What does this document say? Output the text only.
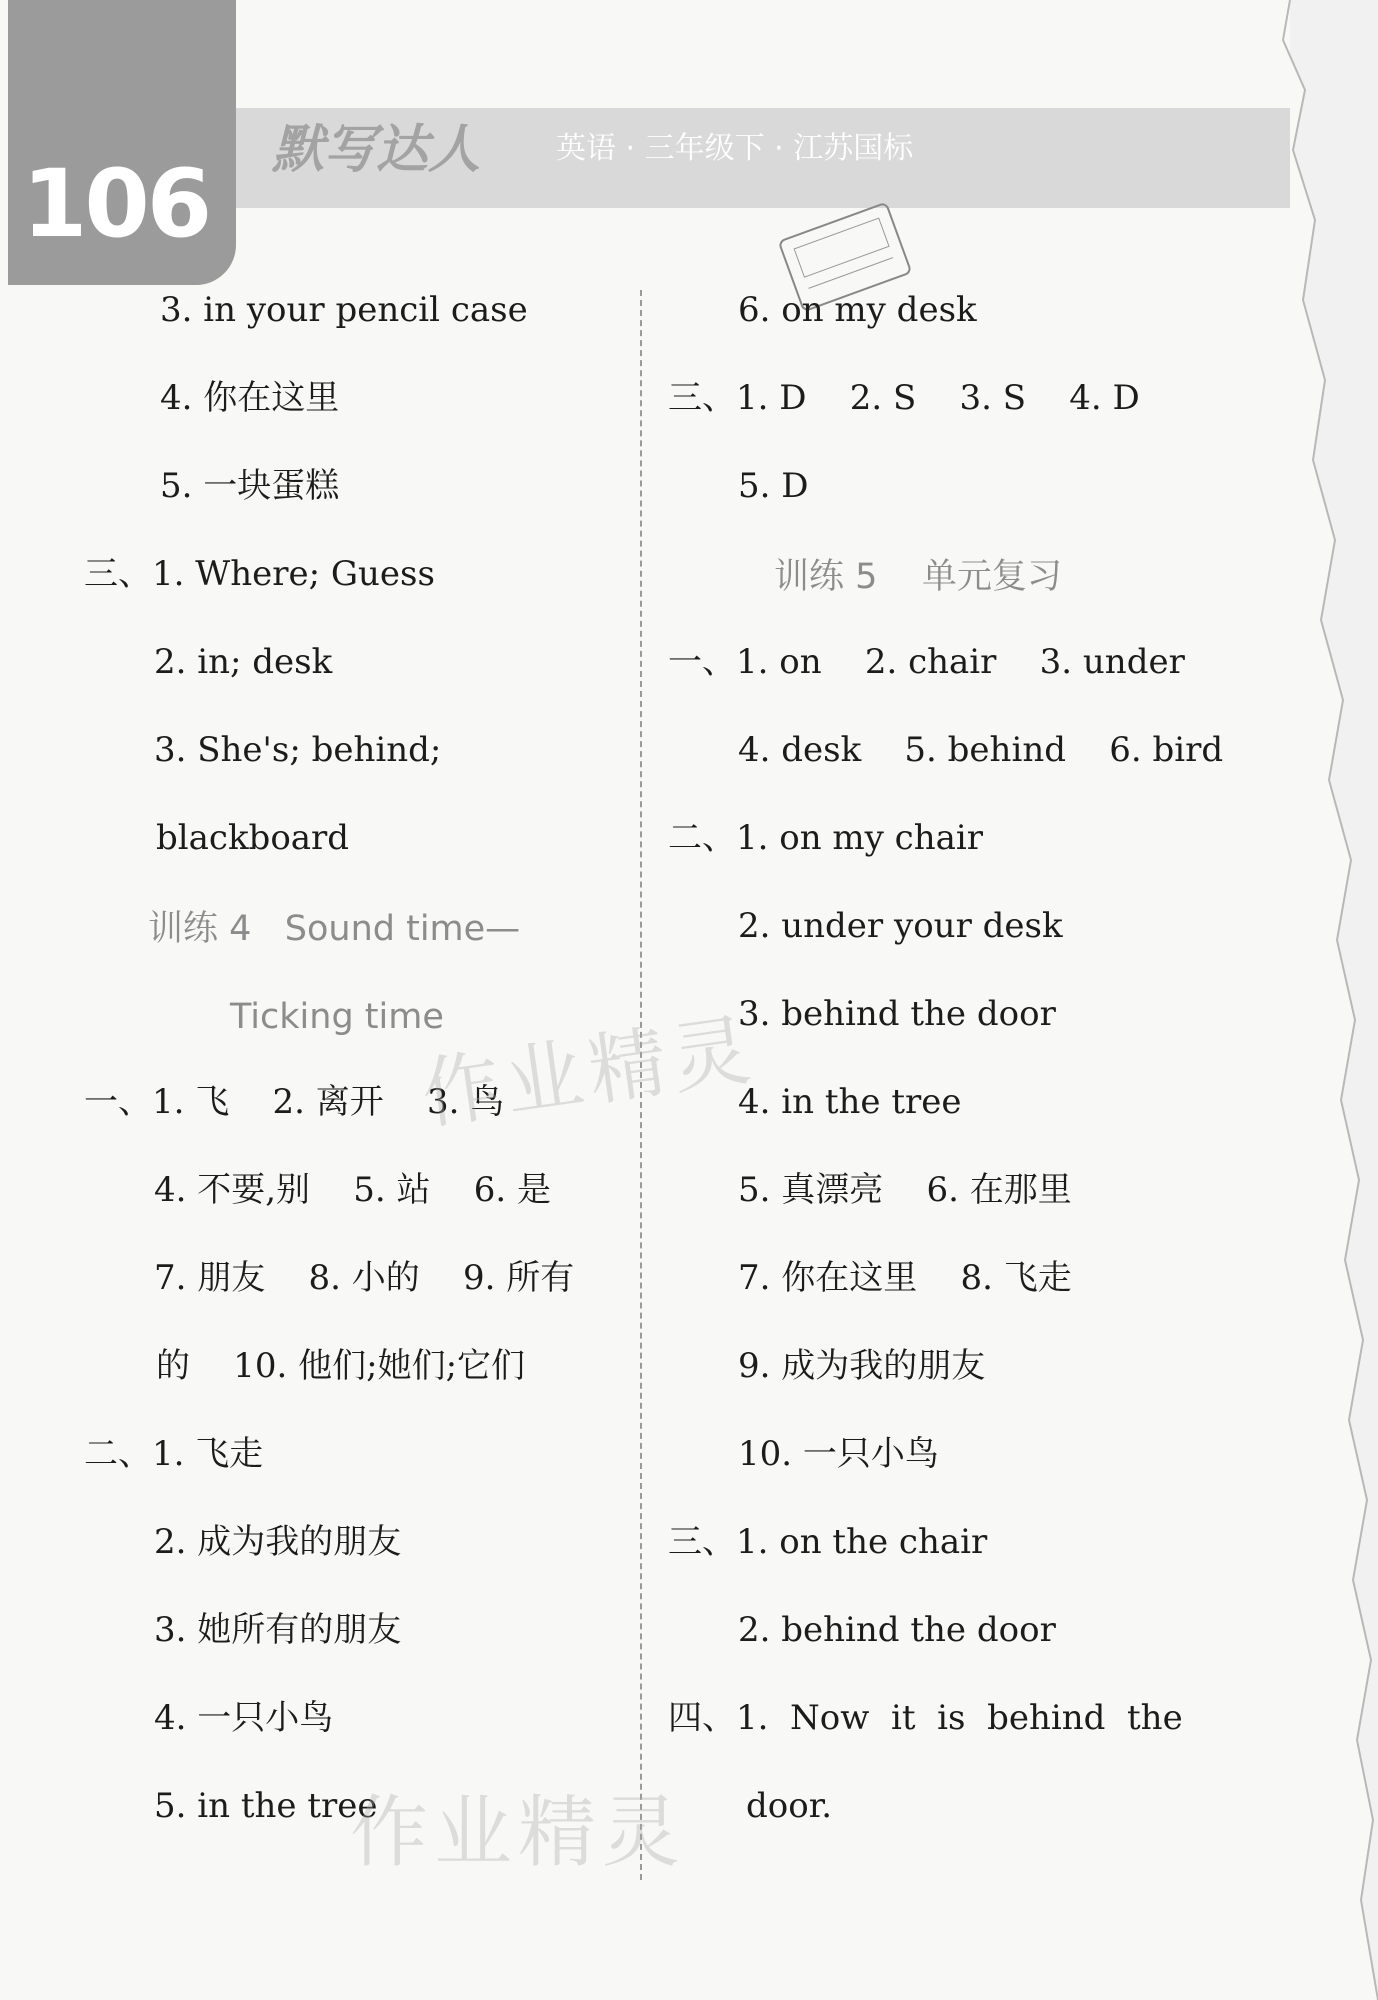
106 默写达人	英语 · 三年级下 · 江苏国标
3. in your pencil case
4. 你在这里
5. 一块蛋糕
三、1. Where; Guess
2. in; desk
3. She's; behind;
blackboard
训练 4   Sound time—
Ticking time
一、1. 飞    2. 离开    3. 鸟
4. 不要,别    5. 站    6. 是
7. 朋友    8. 小的    9. 所有
的    10. 他们;她们;它们
二、1. 飞走
2. 成为我的朋友
3. 她所有的朋友
4. 一只小鸟
5. in the tree
6. on my desk
三、1. D    2. S    3. S    4. D
5. D
训练 5    单元复习
一、1. on    2. chair    3. under
4. desk    5. behind    6. bird
二、1. on my chair
2. under your desk
3. behind the door
4. in the tree
5. 真漂亮    6. 在那里
7. 你在这里    8. 飞走
9. 成为我的朋友
10. 一只小鸟
三、1. on the chair
2. behind the door
四、1.  Now  it  is  behind  the
door.
作业精灵
作业精灵
